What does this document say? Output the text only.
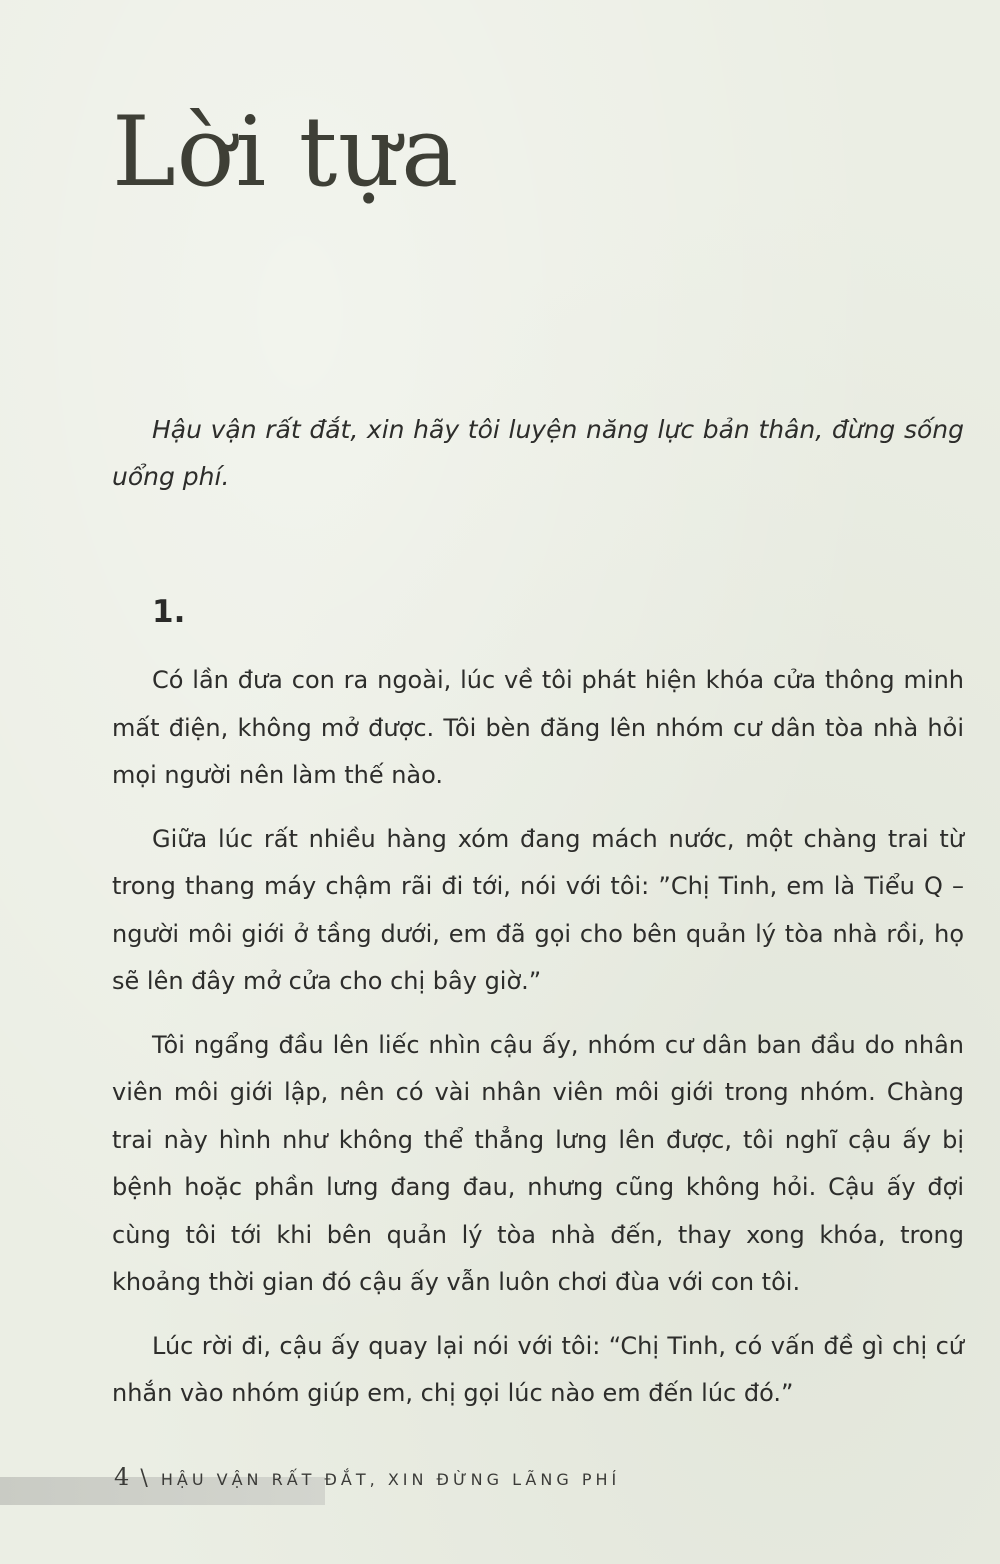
Lời tựa

Hậu vận rất đắt, xin hãy tôi luyện năng lực bản thân, đừng sống uổng phí.

1.

Có lần đưa con ra ngoài, lúc về tôi phát hiện khóa cửa thông minh mất điện, không mở được. Tôi bèn đăng lên nhóm cư dân tòa nhà hỏi mọi người nên làm thế nào.

Giữa lúc rất nhiều hàng xóm đang mách nước, một chàng trai từ trong thang máy chậm rãi đi tới, nói với tôi: ”Chị Tinh, em là Tiểu Q – người môi giới ở tầng dưới, em đã gọi cho bên quản lý tòa nhà rồi, họ sẽ lên đây mở cửa cho chị bây giờ.”

Tôi ngẩng đầu lên liếc nhìn cậu ấy, nhóm cư dân ban đầu do nhân viên môi giới lập, nên có vài nhân viên môi giới trong nhóm. Chàng trai này hình như không thể thẳng lưng lên được, tôi nghĩ cậu ấy bị bệnh hoặc phần lưng đang đau, nhưng cũng không hỏi. Cậu ấy đợi cùng tôi tới khi bên quản lý tòa nhà đến, thay xong khóa, trong khoảng thời gian đó cậu ấy vẫn luôn chơi đùa với con tôi.

Lúc rời đi, cậu ấy quay lại nói với tôi: “Chị Tinh, có vấn đề gì chị cứ nhắn vào nhóm giúp em, chị gọi lúc nào em đến lúc đó.”

4 \ HẬU VẬN RẤT ĐẮT, XIN ĐỪNG LÃNG PHÍ
